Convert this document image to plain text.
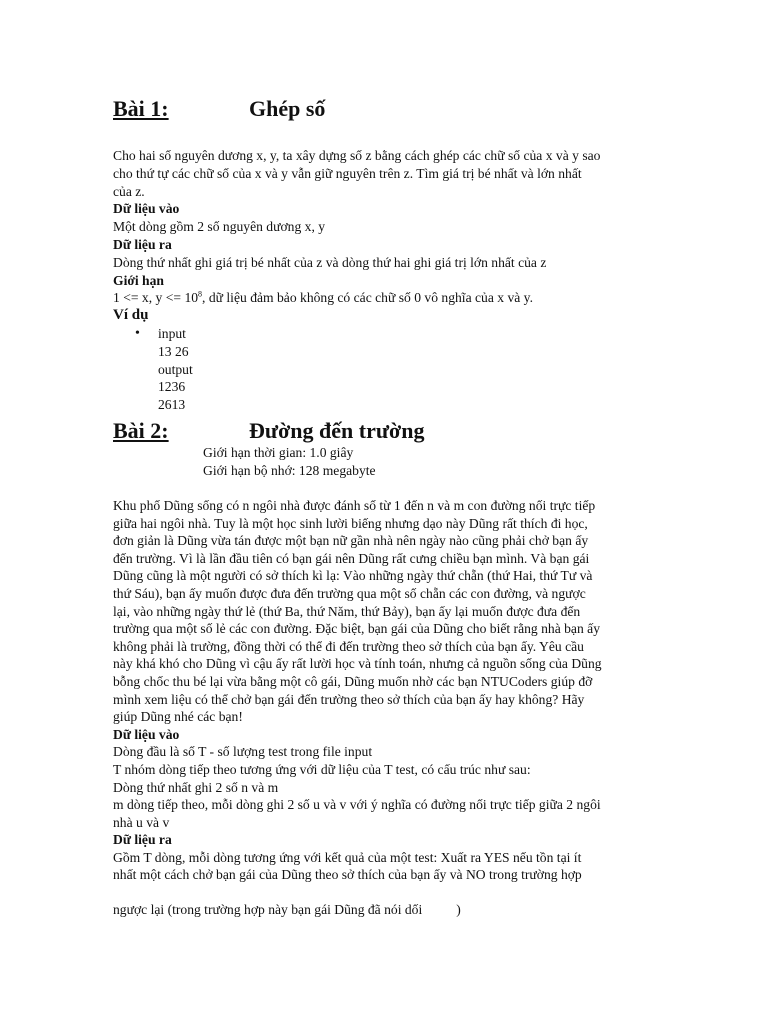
Bài 1:	Ghép số

Cho hai số nguyên dương x, y, ta xây dựng số z bằng cách ghép các chữ số của x và y sao

cho thứ tự các chữ số của x và y vẫn giữ nguyên trên z. Tìm giá trị bé nhất và lớn nhất

của z.

Dữ liệu vào

Một dòng gồm 2 số nguyên dương x, y

Dữ liệu ra

Dòng thứ nhất ghi giá trị bé nhất của z và dòng thứ hai ghi giá trị lớn nhất của z

Giới hạn

1 <= x, $y <= 10^8$, dữ liệu đảm bảo không có các chữ số 0 vô nghĩa của x và y.

Ví dụ

• input

13 26

output

1236

2613

Bài 2:	Đường đến trường

Giới hạn thời gian: 1.0 giây

Giới hạn bộ nhớ: 128 megabyte

Khu phố Dũng sống có n ngôi nhà được đánh số từ 1 đến n và m con đường nối trực tiếp

giữa hai ngôi nhà. Tuy là một học sinh lười biếng nhưng dạo này Dũng rất thích đi học,

đơn giản là Dũng vừa tán được một bạn nữ gần nhà nên ngày nào cũng phải chở bạn ấy

đến trường. Vì là lần đầu tiên có bạn gái nên Dũng rất cưng chiều bạn mình. Và bạn gái

Dũng cũng là một người có sở thích kì lạ: Vào những ngày thứ chẵn (thứ Hai, thứ Tư và

thứ Sáu), bạn ấy muốn được đưa đến trường qua một số chẵn các con đường, và ngược

lại, vào những ngày thứ lẻ (thứ Ba, thứ Năm, thứ Bảy), bạn ấy lại muốn được đưa đến

trường qua một số lẻ các con đường. Đặc biệt, bạn gái của Dũng cho biết rằng nhà bạn ấy

không phải là trường, đồng thời có thể đi đến trường theo sở thích của bạn ấy. Yêu cầu

này khá khó cho Dũng vì cậu ấy rất lười học và tính toán, nhưng cả nguồn sống của Dũng

bỗng chốc thu bé lại vừa bằng một cô gái, Dũng muốn nhờ các bạn NTUCoders giúp đỡ

mình xem liệu có thể chở bạn gái đến trường theo sở thích của bạn ấy hay không? Hãy

giúp Dũng nhé các bạn!

Dữ liệu vào

Dòng đầu là số T - số lượng test trong file input

T nhóm dòng tiếp theo tương ứng với dữ liệu của T test, có cấu trúc như sau:

Dòng thứ nhất ghi 2 số n và m

m dòng tiếp theo, mỗi dòng ghi 2 số u và v với ý nghĩa có đường nối trực tiếp giữa 2 ngôi

nhà u và v

Dữ liệu ra

Gồm T dòng, mỗi dòng tương ứng với kết quả của một test: Xuất ra YES nếu tồn tại ít

nhất một cách chở bạn gái của Dũng theo sở thích của bạn ấy và NO trong trường hợp

ngược lại (trong trường hợp này bạn gái Dũng đã nói dối	)
